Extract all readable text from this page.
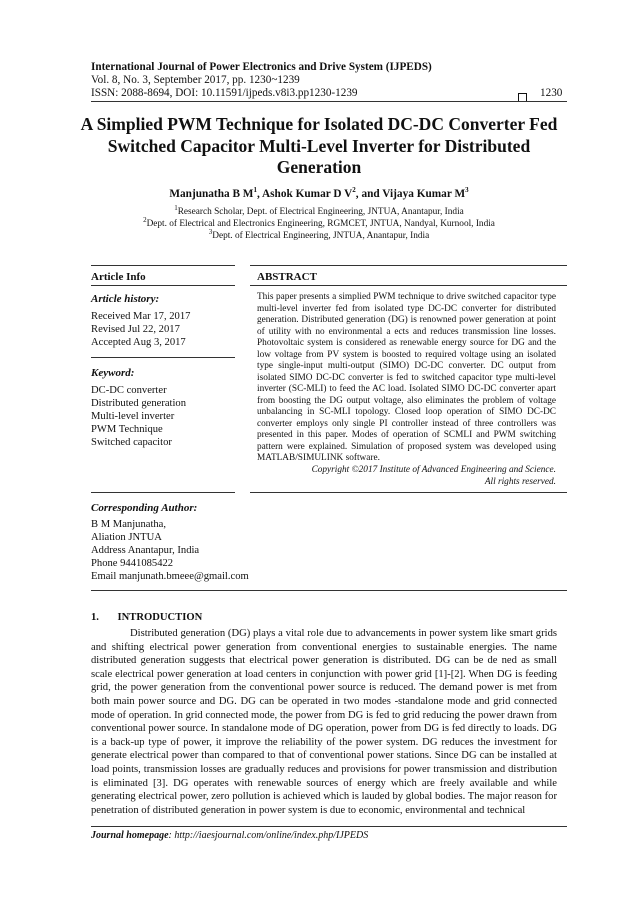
International Journal of Power Electronics and Drive System (IJPEDS)
Vol. 8, No. 3, September 2017, pp. 1230~1239
ISSN: 2088-8694, DOI: 10.11591/ijpeds.v8i3.pp1230-1239	1230
A Simplied PWM Technique for Isolated DC-DC Converter Fed Switched Capacitor Multi-Level Inverter for Distributed Generation
Manjunatha B $M^1$, Ashok Kumar D $V^2$, and Vijaya Kumar $M^3$
$^1$Research Scholar, Dept. of Electrical Engineering, JNTUA, Anantapur, India
$^2$Dept. of Electrical and Electronics Engineering, RGMCET, JNTUA, Nandyal, Kurnool, India
$^3$Dept. of Electrical Engineering, JNTUA, Anantapur, India
Article Info	ABSTRACT
Article history:
Received Mar 17, 2017
Revised Jul 22, 2017
Accepted Aug 3, 2017
Keyword:
DC-DC converter
Distributed generation
Multi-level inverter
PWM Technique
Switched capacitor
This paper presents a simplied PWM technique to drive switched capacitor type multi-level inverter fed from isolated type DC-DC converter for distributed generation. Distributed generation (DG) is renowned power generation at point of utility with no environmental a ects and reduces transmission line losses. Photovoltaic system is considered as renewable energy source for DG and the low voltage from PV system is boosted to required voltage using an isolated type single-input multi-output (SIMO) DC-DC converter. DC output from isolated SIMO DC-DC converter is fed to switched capacitor type multi-level inverter (SC-MLI) to feed the AC load. Isolated SIMO DC-DC converter apart from boosting the DG output voltage, also eliminates the problem of voltage unbalancing in SC-MLI topology. Closed loop operation of SIMO DC-DC converter employs only single PI controller instead of three controllers was presented in this paper. Modes of operation of SCMLI and PWM switching pattern were explained. Simulation of proposed system was developed using MATLAB/SIMULINK software.
Copyright ©2017 Institute of Advanced Engineering and Science.
All rights reserved.
Corresponding Author:
B M Manjunatha,
Aliation JNTUA
Address Anantapur, India
Phone 9441085422
Email manjunath.bmeee@gmail.com
1.       INTRODUCTION

Distributed generation (DG) plays a vital role due to advancements in power system like smart grids and shifting electrical power generation from conventional energies to sustainable energies. The name distributed generation suggests that electrical power generation is distributed. DG can be de ned as small scale electrical power generation at load centers in conjunction with power grid [1]-[2]. When DG is feeding grid, the power generation from the conventional power source is reduced. The demand power is met from both main power source and DG. DG can be operated in two modes -standalone mode and grid connected mode of operation. In grid connected mode, the power from DG is fed to grid reducing the power drawn from conventional power source. In standalone mode of DG operation, power from DG is fed directly to loads. DG is a back-up type of power, it improve the reliability of the power system. DG reduces the investment for generate electrical power than compared to that of conventional power stations. Since DG can be installed at load points, transmission losses are gradually reduces and provisions for power transmission and distribution is eliminated [3]. DG operates with renewable sources of energy which are freely available and while generating electrical power, zero pollution is achieved which is lauded by global bodies. The major reason for penetration of distributed generation in power system is due to economic, environmental and technical

Journal homepage: http://iaesjournal.com/online/index.php/IJPEDS
